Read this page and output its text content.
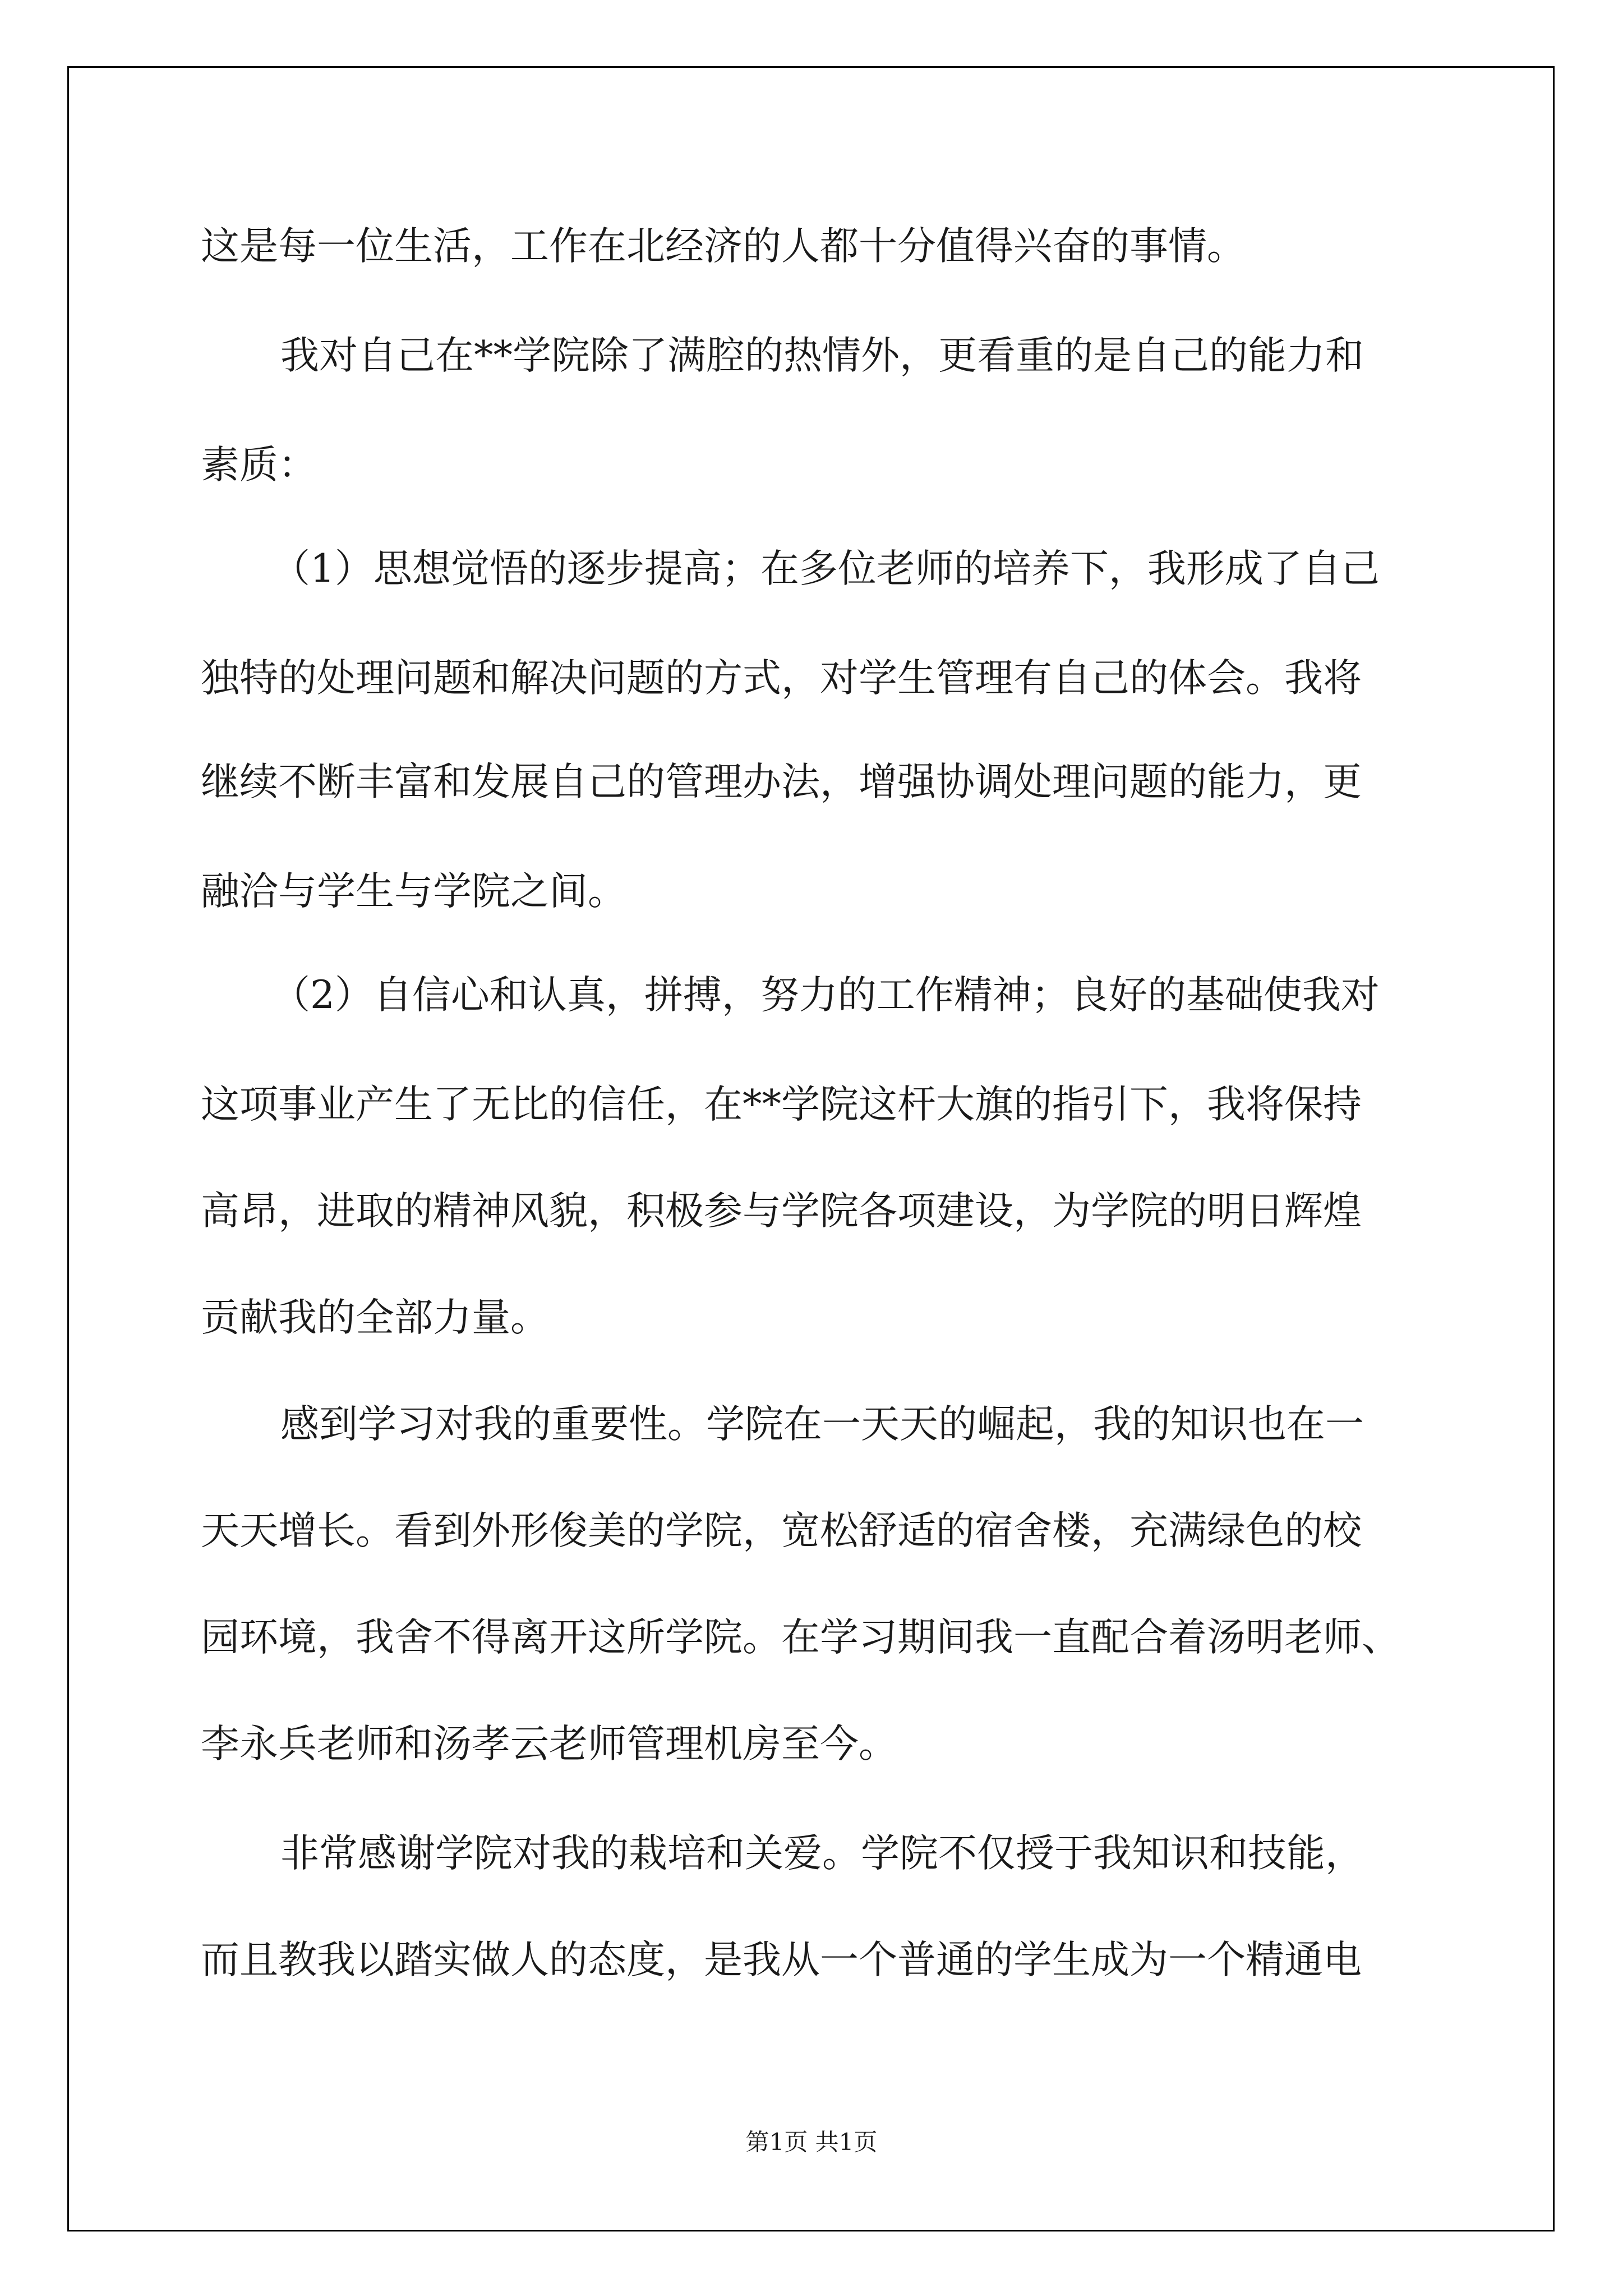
这是每一位生活，工作在北经济的人都十分值得兴奋的事情。

我对自己在**学院除了满腔的热情外，更看重的是自己的能力和

素质：

（1）思想觉悟的逐步提高；在多位老师的培养下，我形成了自己

独特的处理问题和解决问题的方式，对学生管理有自己的体会。我将

继续不断丰富和发展自己的管理办法，增强协调处理问题的能力，更

融洽与学生与学院之间。

（2）自信心和认真，拼搏，努力的工作精神；良好的基础使我对

这项事业产生了无比的信任，在**学院这杆大旗的指引下，我将保持

高昂，进取的精神风貌，积极参与学院各项建设，为学院的明日辉煌

贡献我的全部力量。

感到学习对我的重要性。学院在一天天的崛起，我的知识也在一

天天增长。看到外形俊美的学院，宽松舒适的宿舍楼，充满绿色的校

园环境，我舍不得离开这所学院。在学习期间我一直配合着汤明老师、

李永兵老师和汤孝云老师管理机房至今。

非常感谢学院对我的栽培和关爱。学院不仅授于我知识和技能，

而且教我以踏实做人的态度，是我从一个普通的学生成为一个精通电

第1页 共1页
